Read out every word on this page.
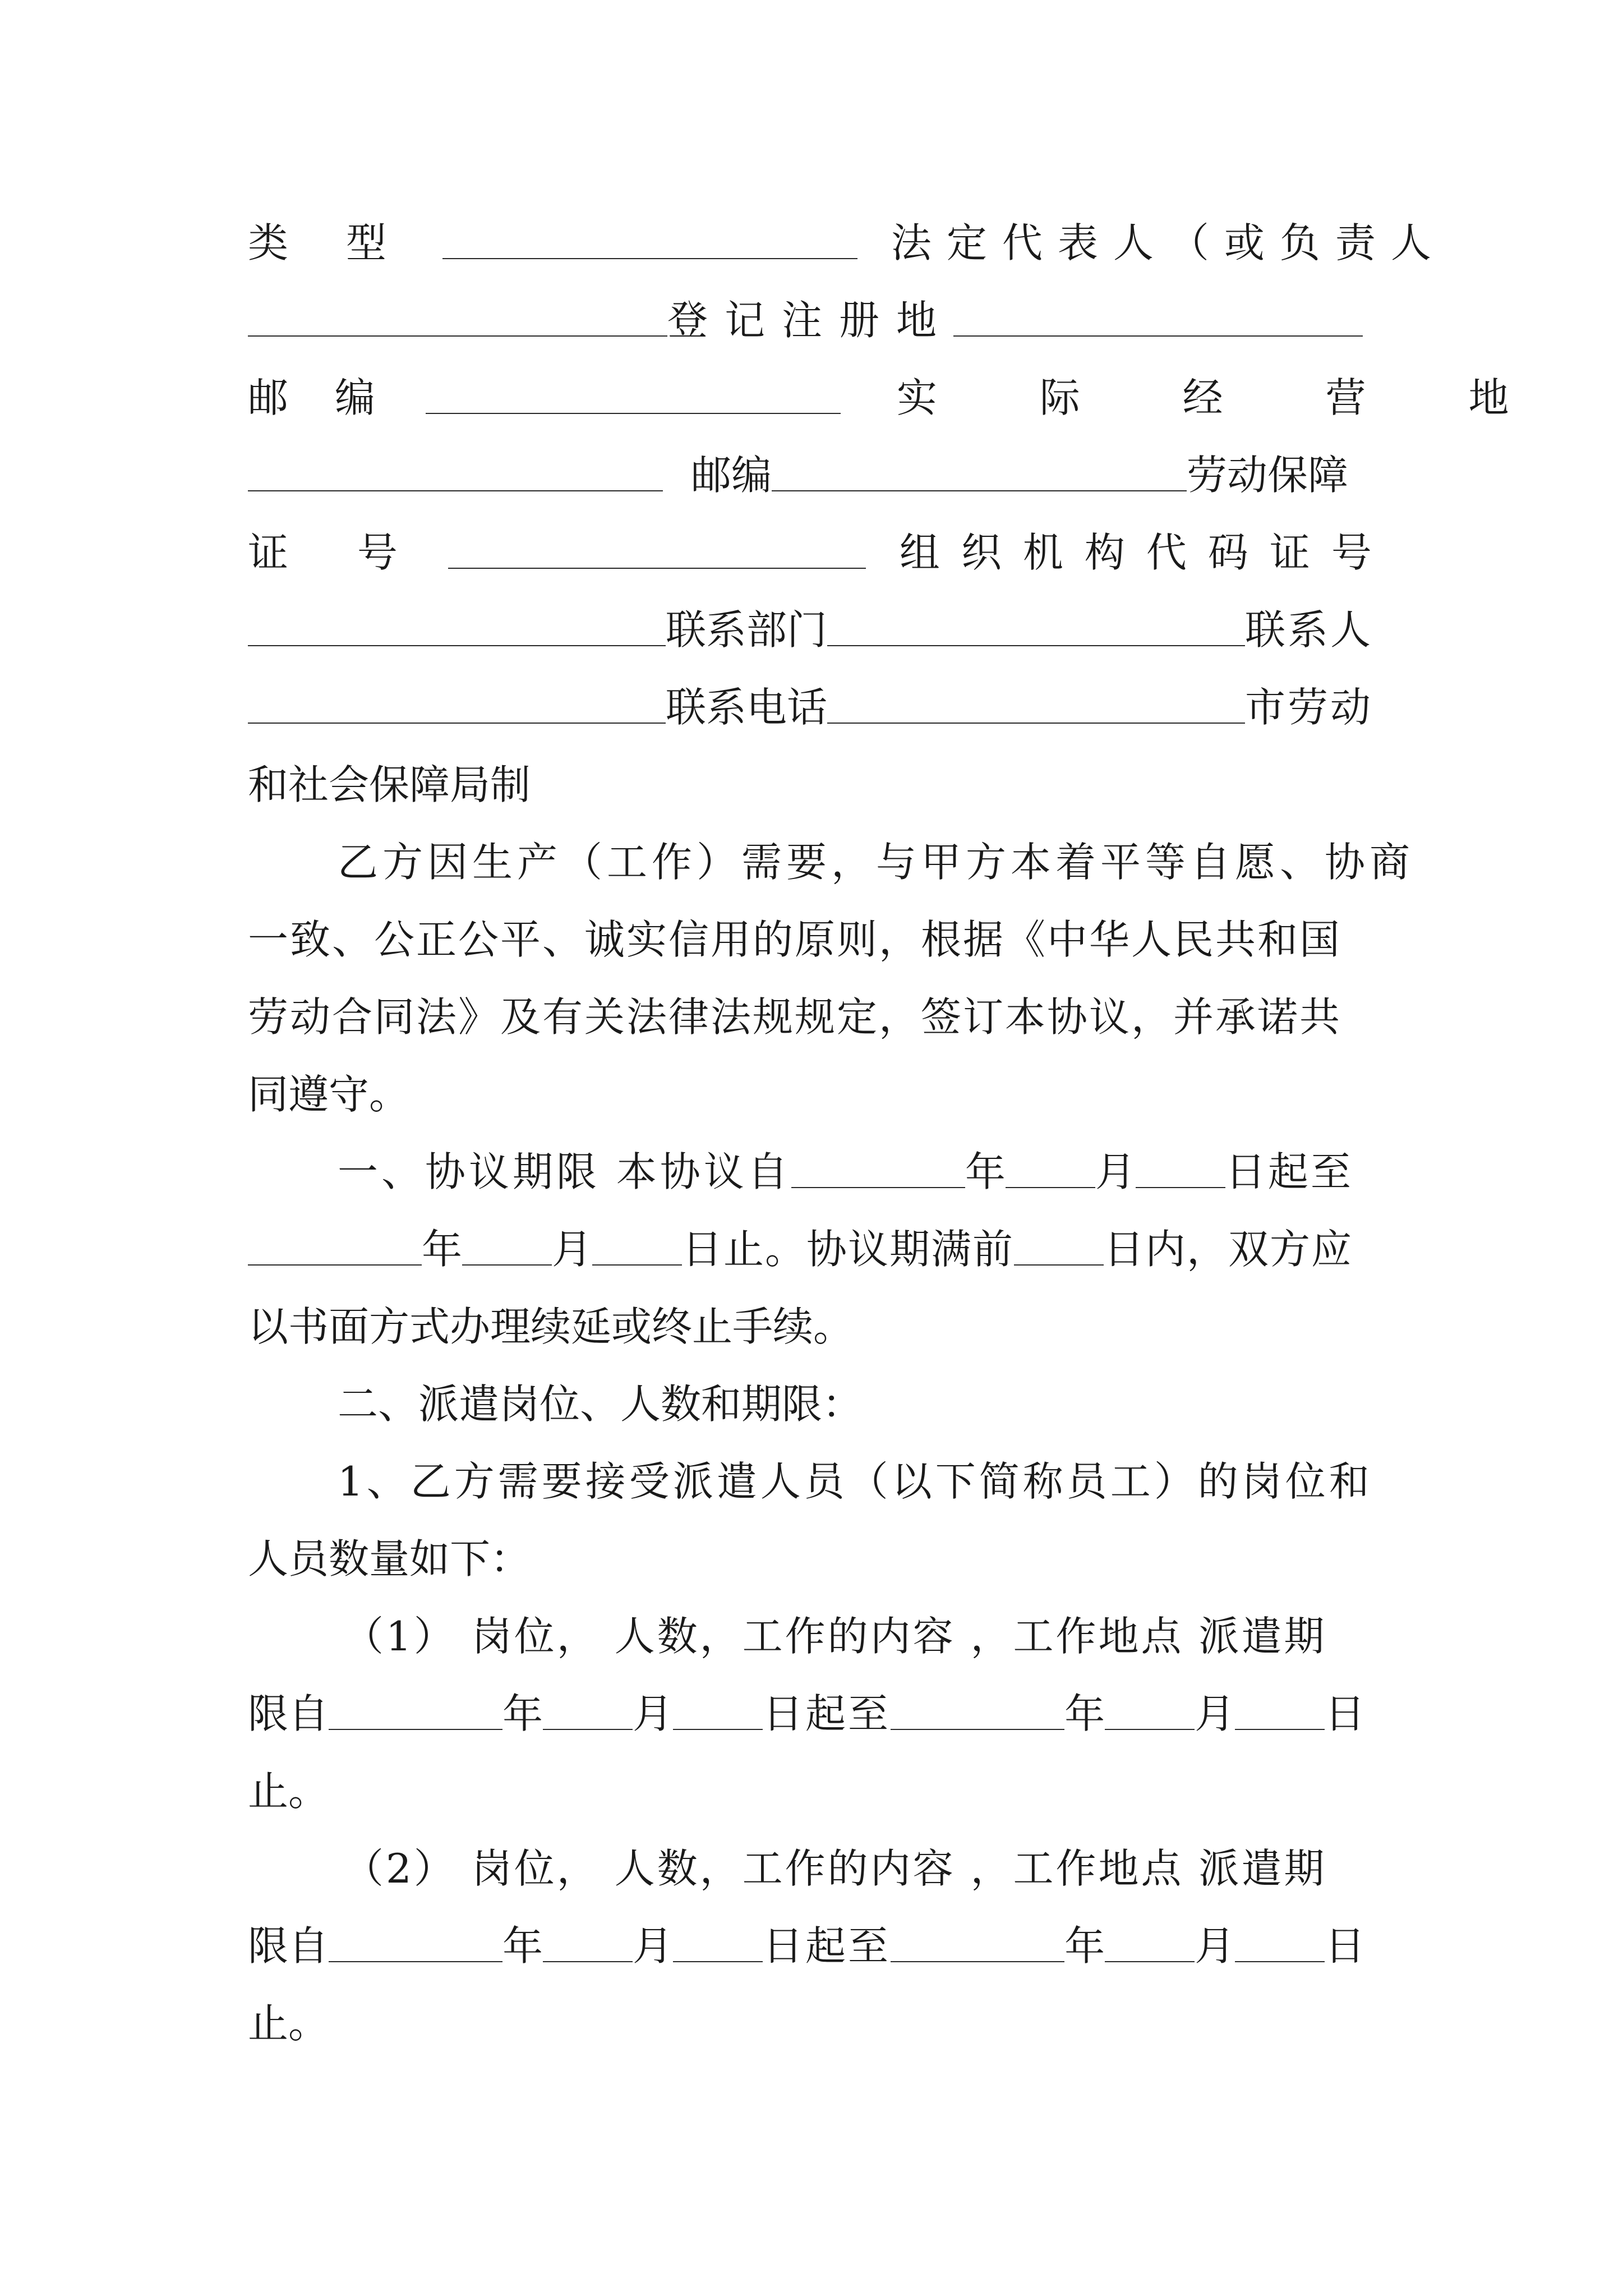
类 型	法定代表人（或负责人
登记注册地
邮 编	实 际 经 营 地
邮编	劳动保障
证 号	组织机构代码证号
联系部门	联系人
联系电话	市劳动
和社会保障局制
乙方因生产（工作）需要，与甲方本着平等自愿、协商
一致、公正公平、诚实信用的原则，根据《中华人民共和国
劳动合同法》及有关法律法规规定，签订本协议，并承诺共
同遵守。
一、协议期限 本协议自	年 月 日起至
年 月 日止。协议期满前 日内，双方应
以书面方式办理续延或终止手续。
二、派遣岗位、人数和期限：
1、乙方需要接受派遣人员（以下简称员工）的岗位和
人员数量如下：
（1） 岗位， 人数，工作的内容 ，工作地点 派遣期
限自	年 月 日起至	年 月 日
止。
（2） 岗位， 人数，工作的内容 ，工作地点 派遣期
限自	年 月 日起至	年 月 日
止。
